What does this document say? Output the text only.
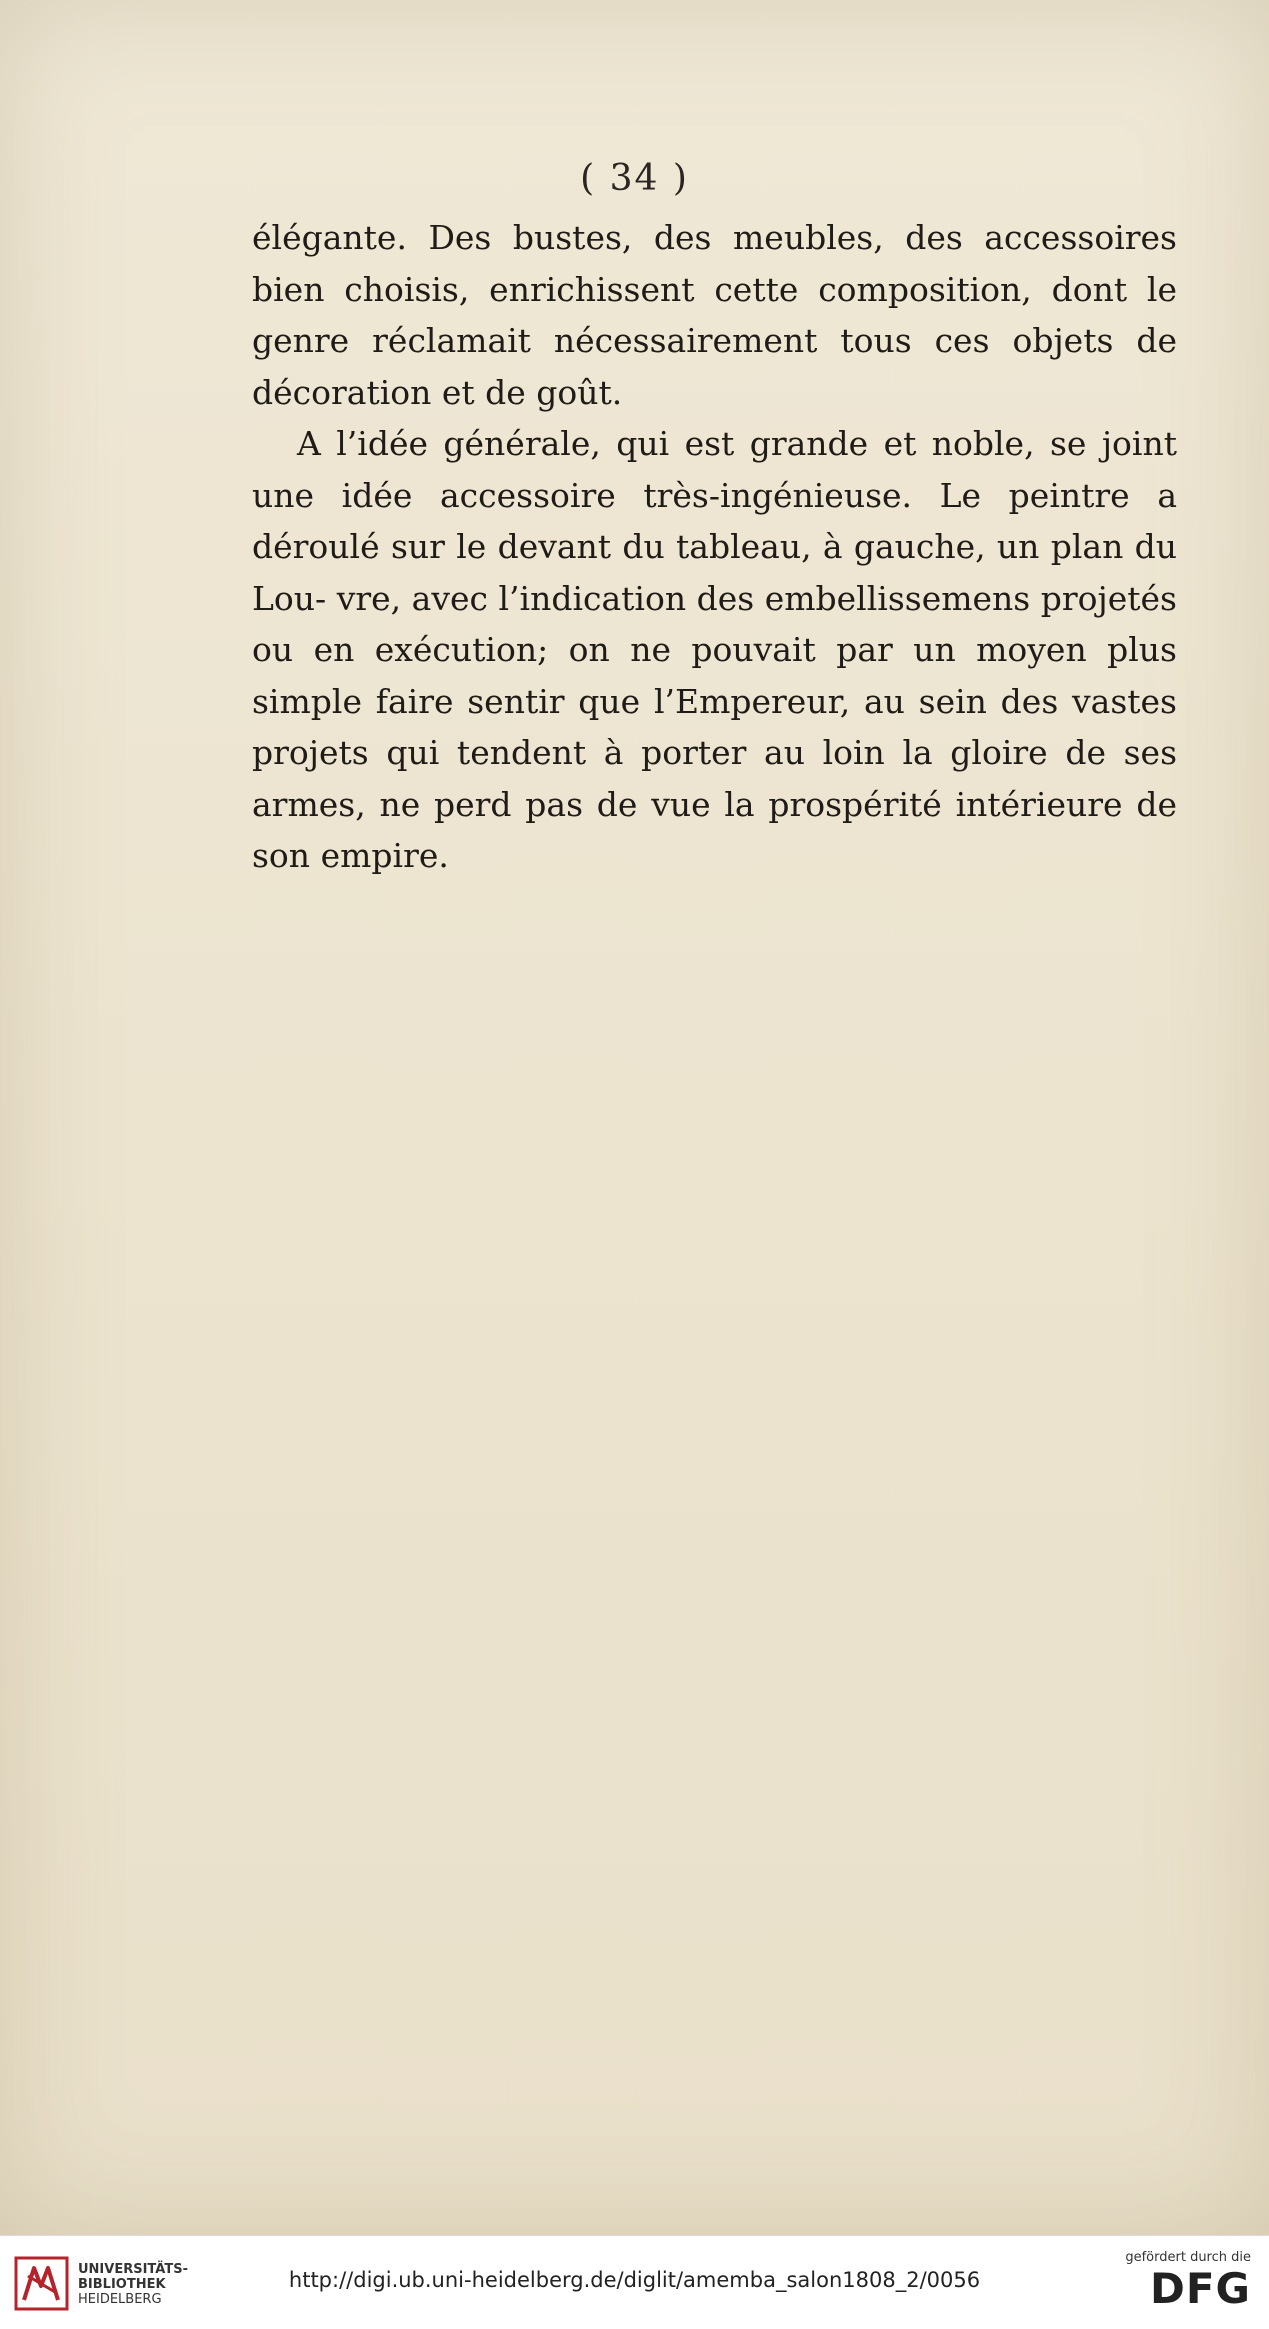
( 34 )

élégante. Des bustes, des meubles, des accessoires bien choisis, enrichissent cette composition, dont le genre réclamait nécessairement tous ces objets de décoration et de goût.

A l’idée générale, qui est grande et noble, se joint une idée accessoire très-ingénieuse. Le peintre a déroulé sur le devant du tableau, à gauche, un plan du Lou- vre, avec l’indication des embellissemens projetés ou en exécution; on ne pouvait par un moyen plus simple faire sentir que l’Empereur, au sein des vastes projets qui tendent à porter au loin la gloire de ses armes, ne perd pas de vue la prospérité intérieure de son empire.

UNIVERSITÄTS-
BIBLIOTHEK
HEIDELBERG
http://digi.ub.uni-heidelberg.de/diglit/amemba_salon1808_2/0056
gefördert durch die
DFG
